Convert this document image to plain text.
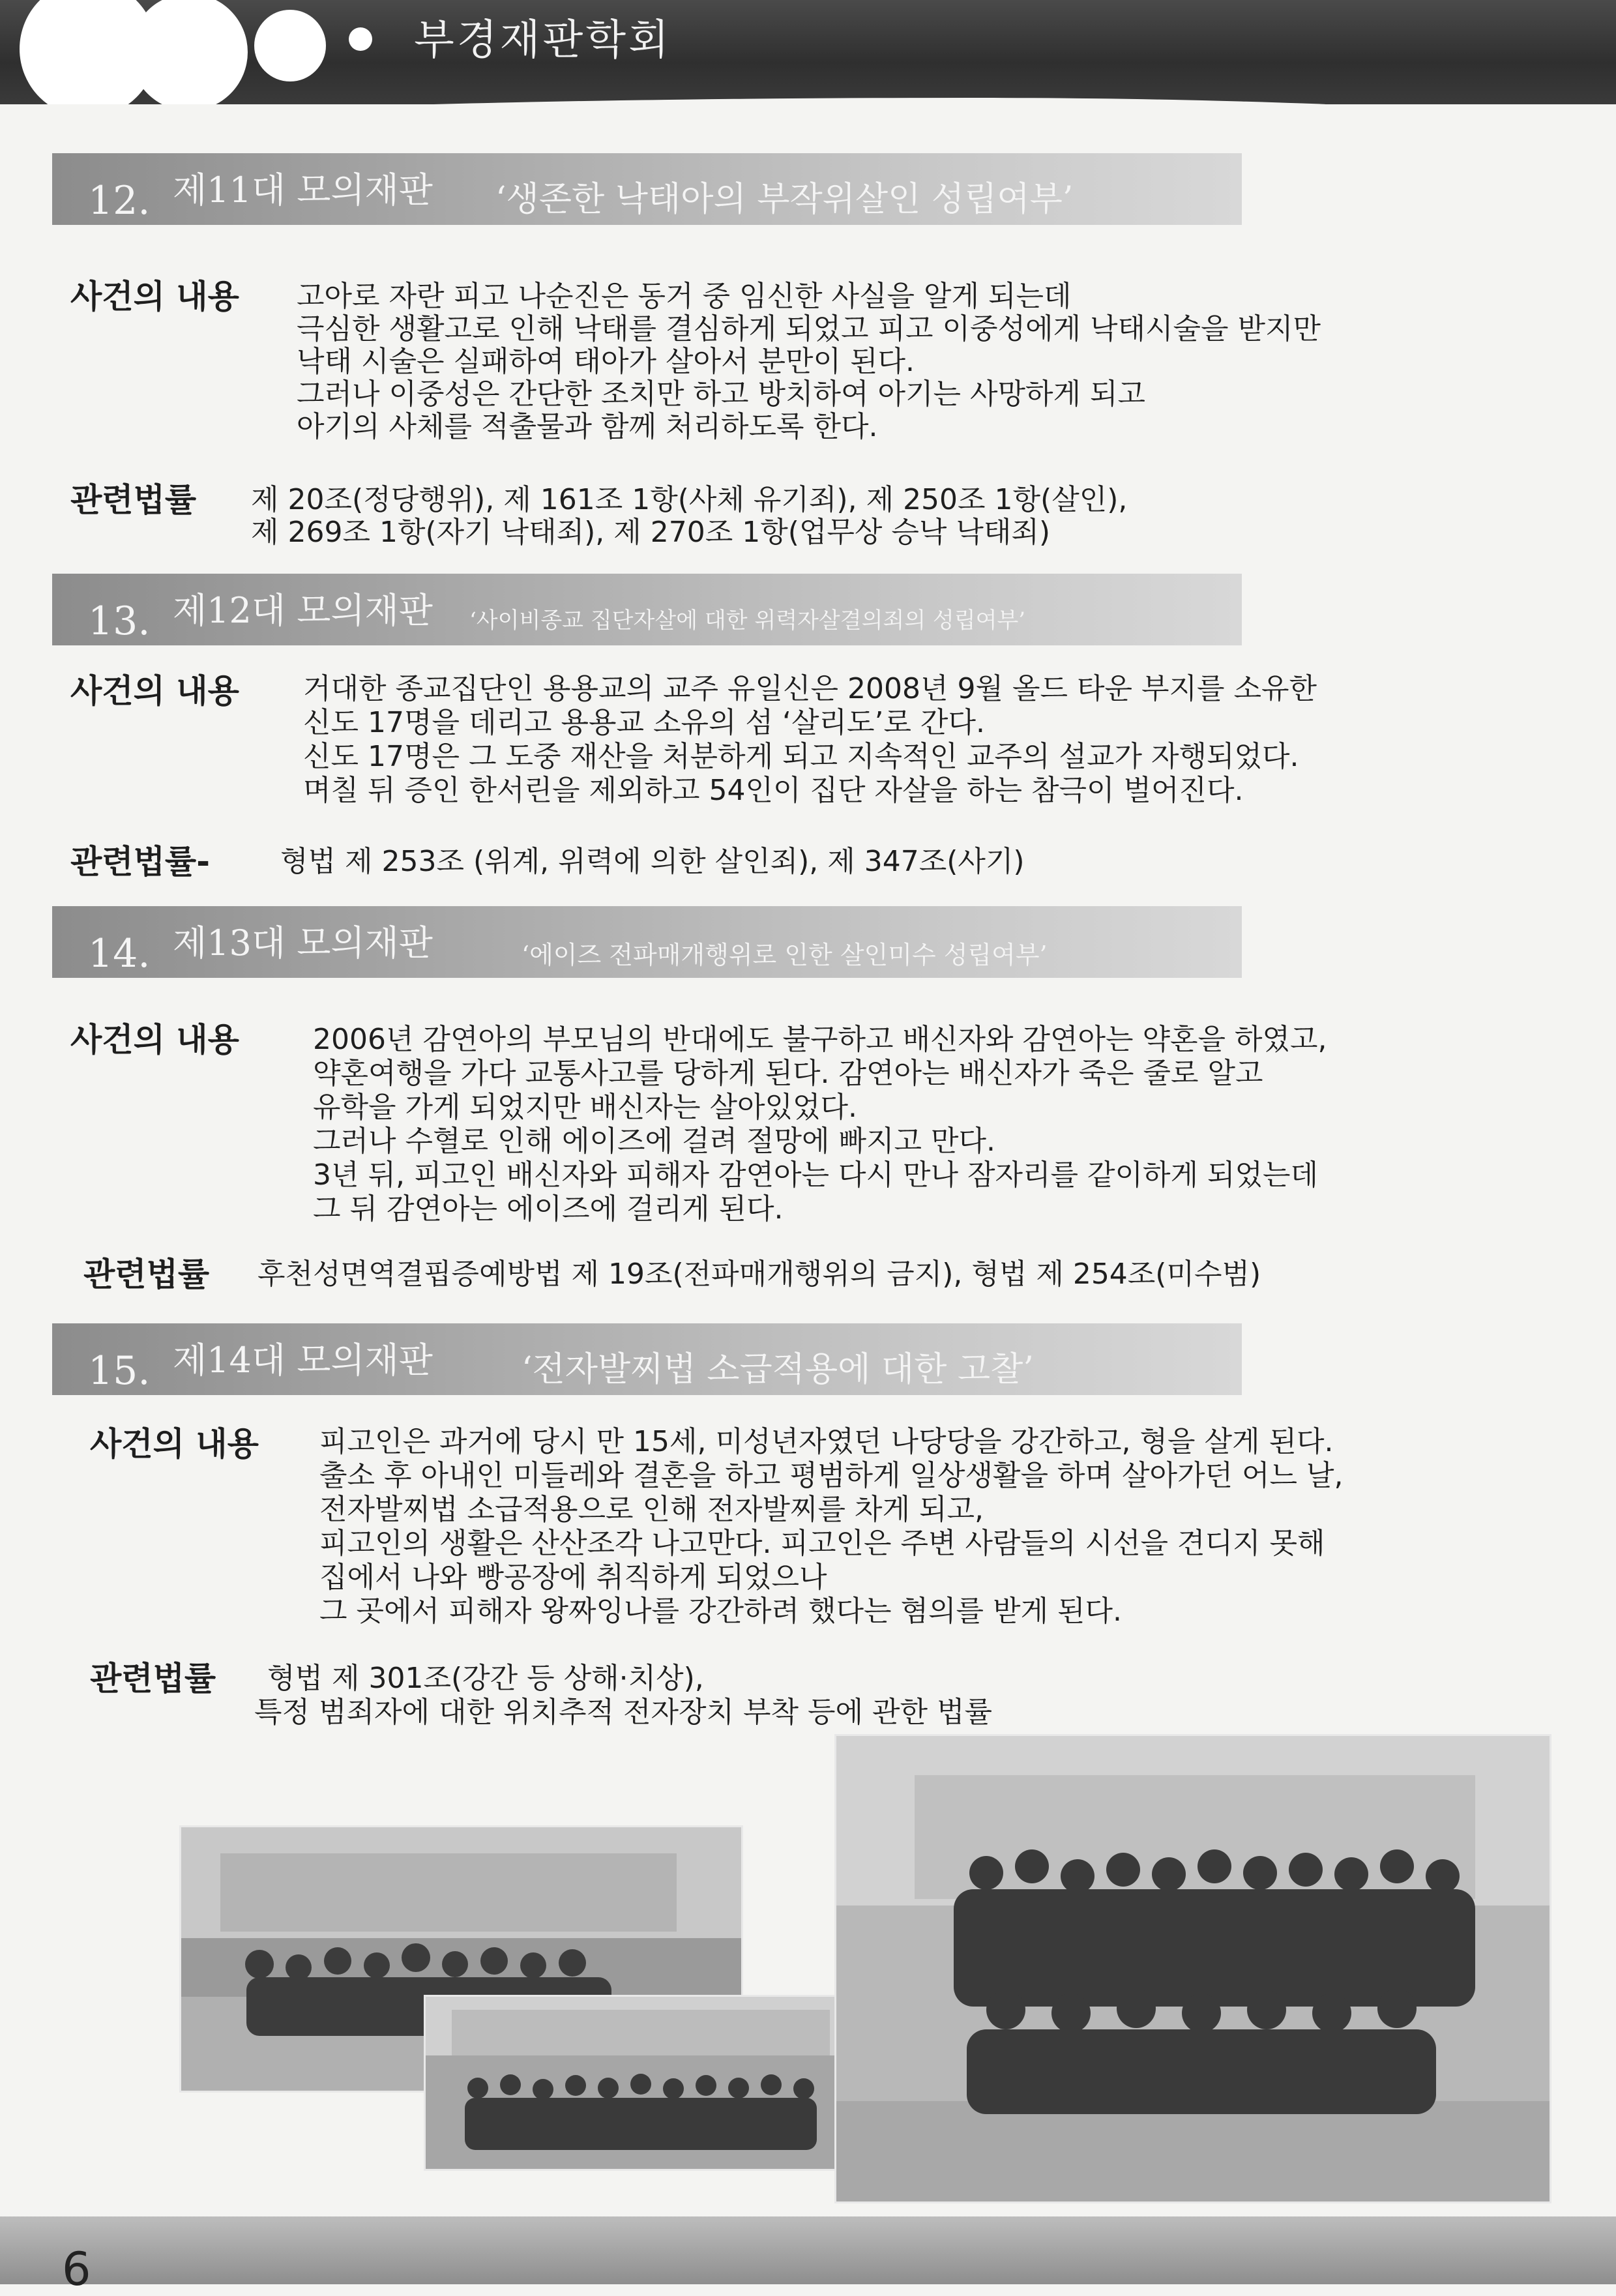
부경재판학회
12. 제11대 모의재판 ‘생존한 낙태아의 부작위살인 성립여부’
사건의 내용 고아로 자란 피고 나순진은 동거 중 임신한 사실을 알게 되는데
극심한 생활고로 인해 낙태를 결심하게 되었고 피고 이중성에게 낙태시술을 받지만
낙태 시술은 실패하여 태아가 살아서 분만이 된다.
그러나 이중성은 간단한 조치만 하고 방치하여 아기는 사망하게 되고
아기의 사체를 적출물과 함께 처리하도록 한다.
관련법률 제 20조(정당행위), 제 161조 1항(사체 유기죄), 제 250조 1항(살인),
제 269조 1항(자기 낙태죄), 제 270조 1항(업무상 승낙 낙태죄)
13. 제12대 모의재판 ‘사이비종교 집단자살에 대한 위력자살결의죄의 성립여부’
사건의 내용 거대한 종교집단인 용용교의 교주 유일신은 2008년 9월 올드 타운 부지를 소유한
신도 17명을 데리고 용용교 소유의 섬 ‘살리도’로 간다.
신도 17명은 그 도중 재산을 처분하게 되고 지속적인 교주의 설교가 자행되었다.
며칠 뒤 증인 한서린을 제외하고 54인이 집단 자살을 하는 참극이 벌어진다.
관련법률- 형법 제 253조 (위계, 위력에 의한 살인죄), 제 347조(사기)
14. 제13대 모의재판	‘에이즈 전파매개행위로 인한 살인미수 성립여부’
사건의 내용	2006년 감연아의 부모님의 반대에도 불구하고 배신자와 감연아는 약혼을 하였고,
약혼여행을 가다 교통사고를 당하게 된다. 감연아는 배신자가 죽은 줄로 알고
유학을 가게 되었지만 배신자는 살아있었다.
그러나 수혈로 인해 에이즈에 걸려 절망에 빠지고 만다.
3년 뒤, 피고인 배신자와 피해자 감연아는 다시 만나 잠자리를 같이하게 되었는데
그 뒤 감연아는 에이즈에 걸리게 된다.
관련법률 후천성면역결핍증예방법 제 19조(전파매개행위의 금지), 형법 제 254조(미수범)
15. 제14대 모의재판	‘전자발찌법 소급적용에 대한 고찰’
사건의 내용 피고인은 과거에 당시 만 15세, 미성년자였던 나당당을 강간하고, 형을 살게 된다.
출소 후 아내인 미들레와 결혼을 하고 평범하게 일상생활을 하며 살아가던 어느 날,
전자발찌법 소급적용으로 인해 전자발찌를 차게 되고,
피고인의 생활은 산산조각 나고만다. 피고인은 주변 사람들의 시선을 견디지 못해
집에서 나와 빵공장에 취직하게 되었으나
그 곳에서 피해자 왕짜잉나를 강간하려 했다는 혐의를 받게 된다.
관련법률 형법 제 301조(강간 등 상해·치상),
특정 범죄자에 대한 위치추적 전자장치 부착 등에 관한 법률
6
